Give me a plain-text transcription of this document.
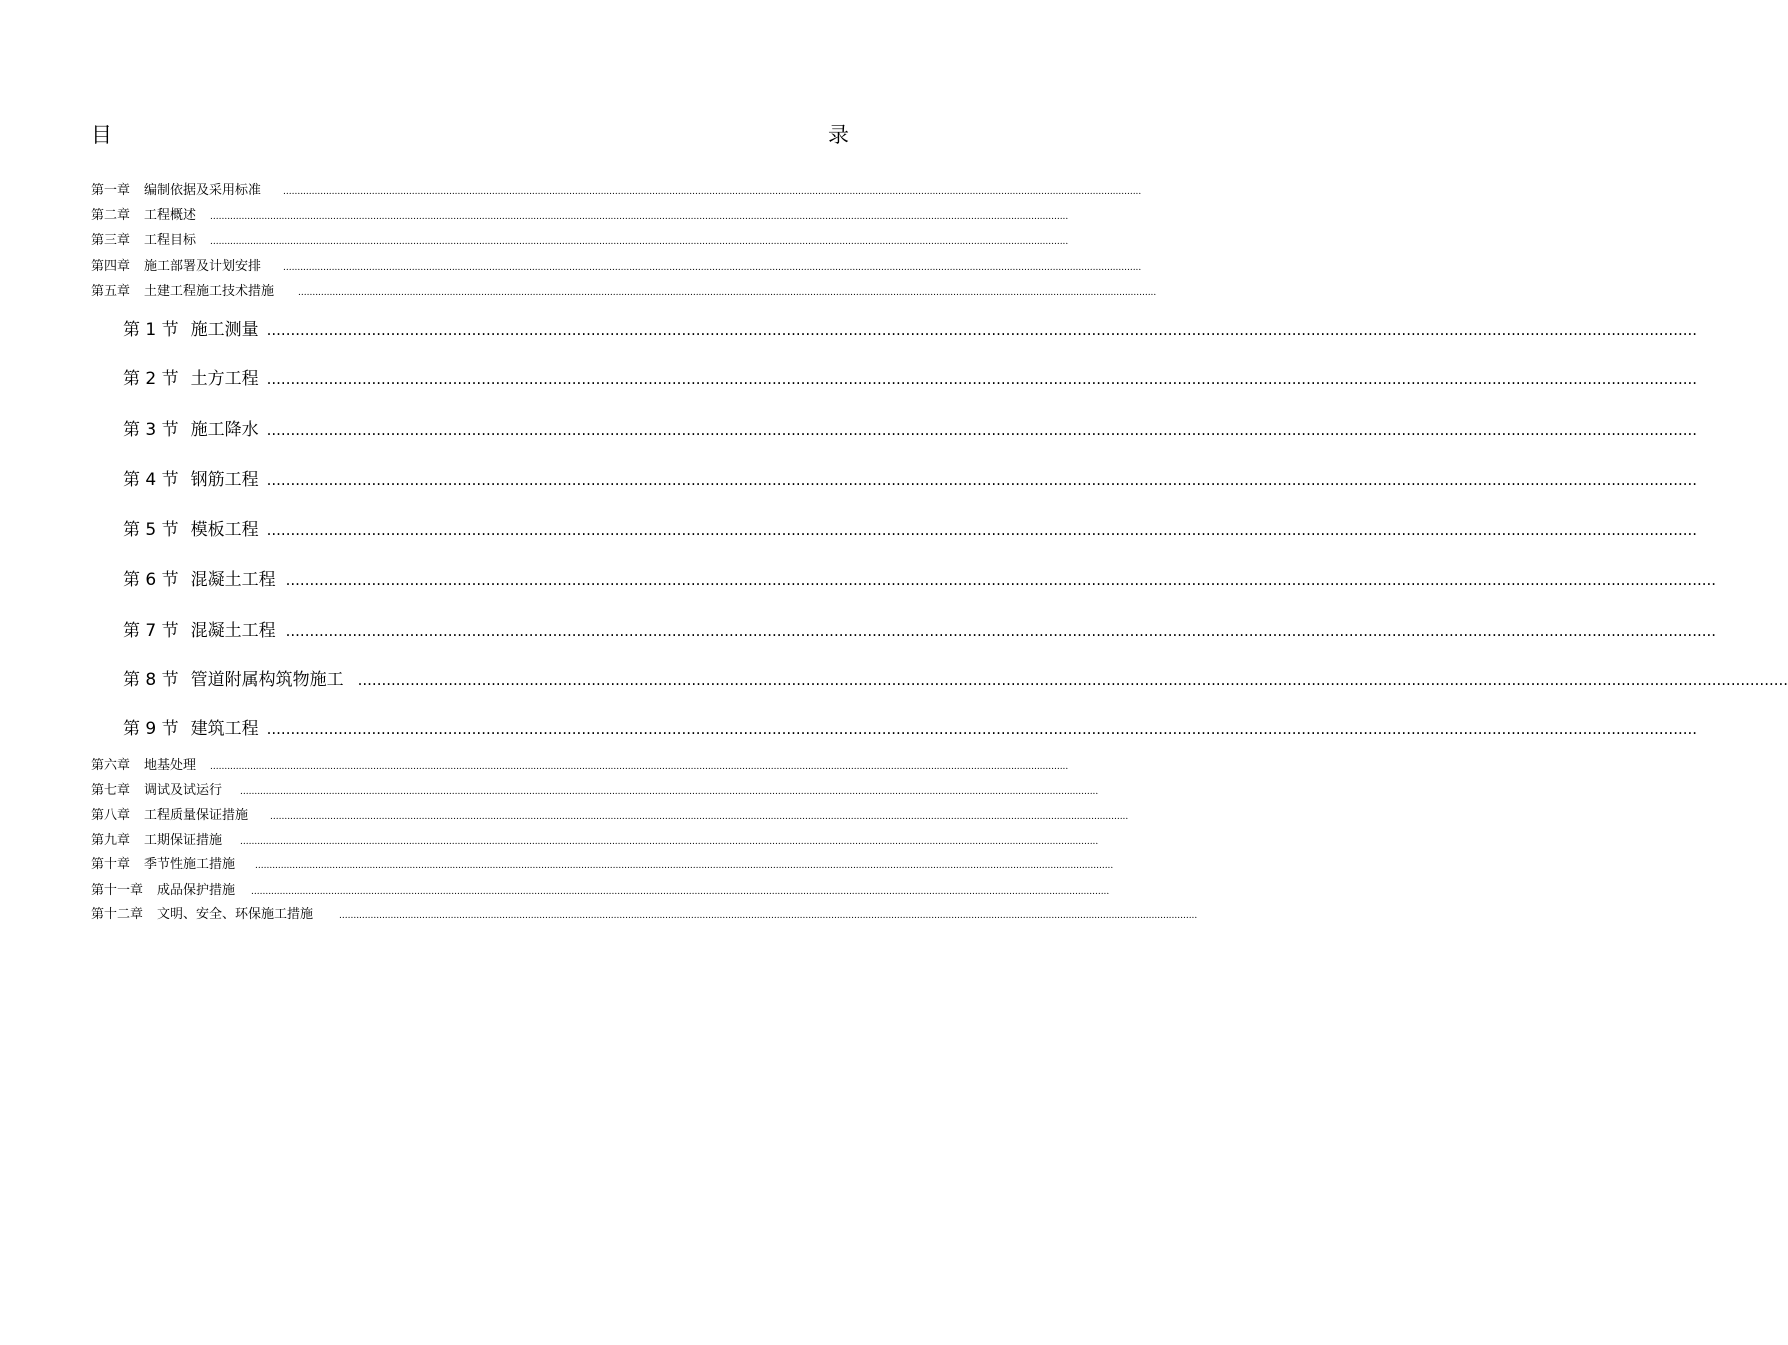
目	录
第一章 编制依据及采用标准 ............................................................................................................................................................................................................................................................................................................
第二章 工程概述 ............................................................................................................................................................................................................................................................................................................
第三章 工程目标 ............................................................................................................................................................................................................................................................................................................
第四章 施工部署及计划安排 ............................................................................................................................................................................................................................................................................................................
第五章 土建工程施工技术措施	............................................................................................................................................................................................................................................................................................................
第 1 节 施工测量 ............................................................................................................................................................................................................................................................................................................
第 2 节 土方工程 ............................................................................................................................................................................................................................................................................................................
第 3 节 施工降水 ............................................................................................................................................................................................................................................................................................................
第 4 节 钢筋工程 ............................................................................................................................................................................................................................................................................................................
第 5 节 模板工程 ............................................................................................................................................................................................................................................................................................................
第 6 节 混凝土工程 ............................................................................................................................................................................................................................................................................................................
第 7 节 混凝土工程 ............................................................................................................................................................................................................................................................................................................
第 8 节 管道附属构筑物施工 ............................................................................................................................................................................................................................................................................................................
第 9 节 建筑工程 ............................................................................................................................................................................................................................................................................................................
第六章 地基处理 ............................................................................................................................................................................................................................................................................................................
第七章 调试及试运行 ............................................................................................................................................................................................................................................................................................................
第八章 工程质量保证措施 ............................................................................................................................................................................................................................................................................................................
第九章 工期保证措施 ............................................................................................................................................................................................................................................................................................................
第十章 季节性施工措施 ............................................................................................................................................................................................................................................................................................................
第十一章 成品保护措施 ............................................................................................................................................................................................................................................................................................................
第十二章 文明、安全、环保施工措施	............................................................................................................................................................................................................................................................................................................
